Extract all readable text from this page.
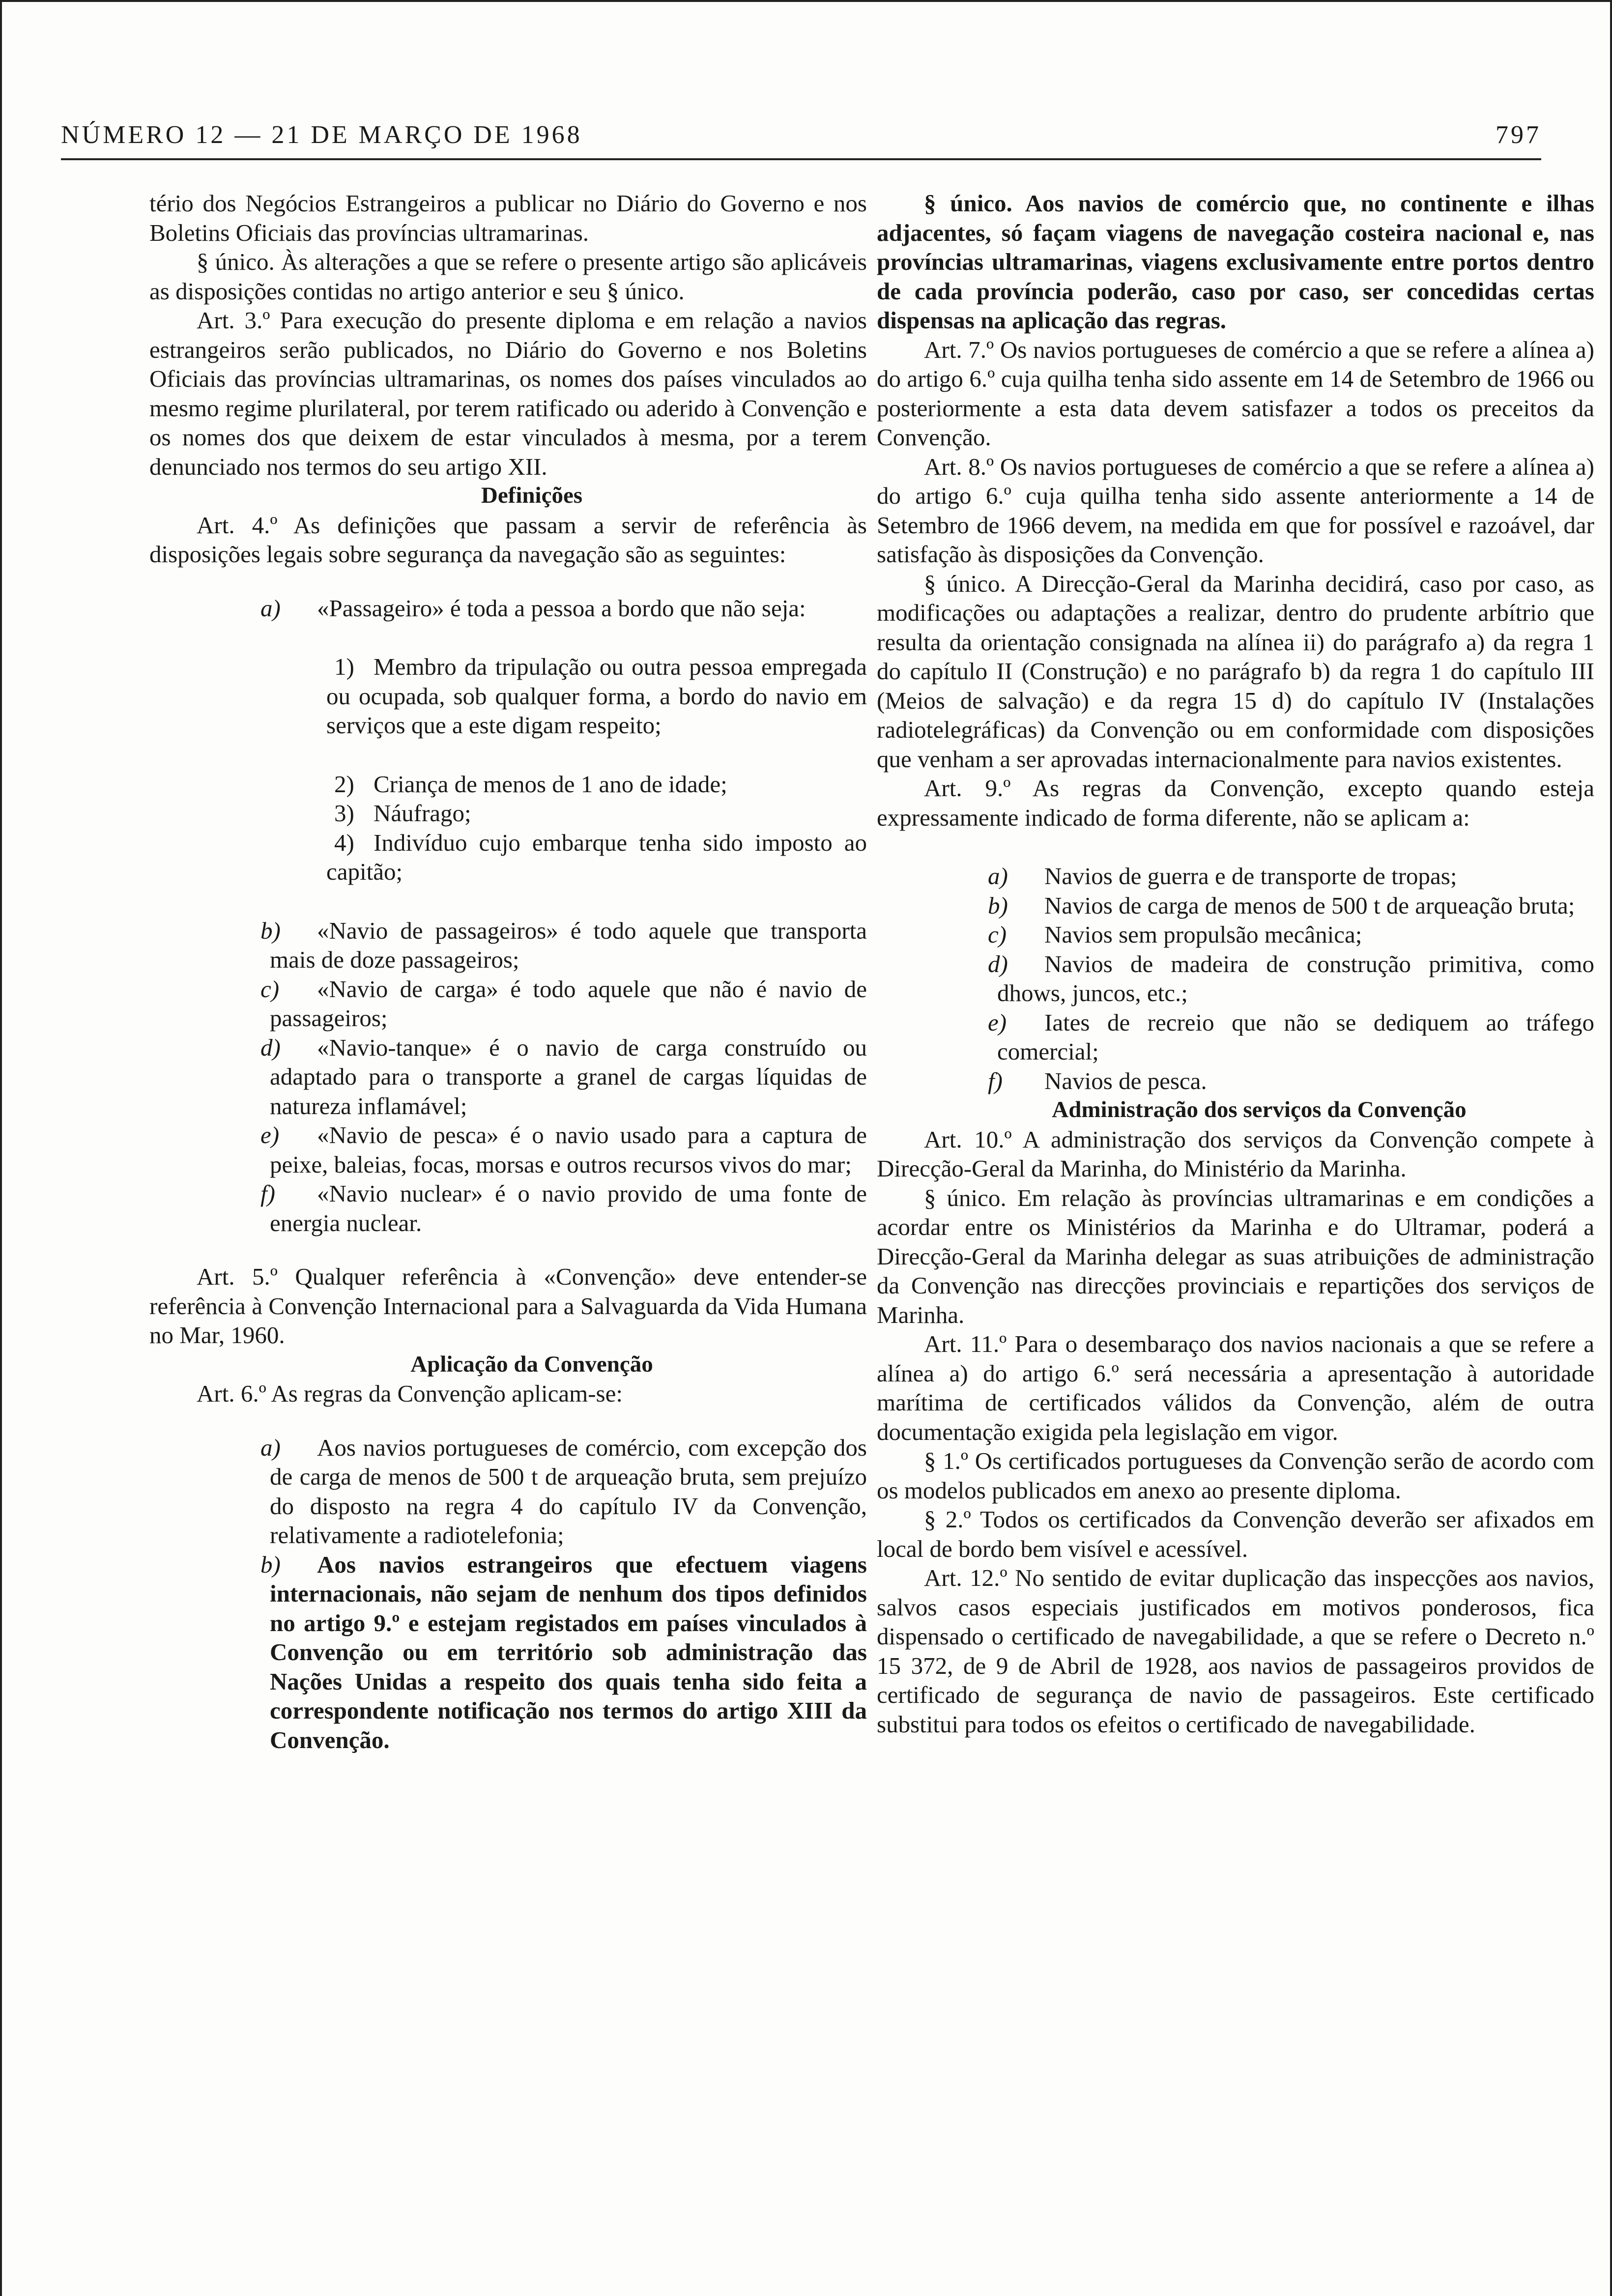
NÚMERO 12 — 21 DE MARÇO DE 1968	797

tério dos Negócios Estrangeiros a publicar no Diário do Governo e nos Boletins Oficiais das províncias ultramarinas.

§ único. Às alterações a que se refere o presente artigo são aplicáveis as disposições contidas no artigo anterior e seu § único.

Art. 3.º Para execução do presente diploma e em relação a navios estrangeiros serão publicados, no Diário do Governo e nos Boletins Oficiais das províncias ultramarinas, os nomes dos países vinculados ao mesmo regime plurilateral, por terem ratificado ou aderido à Convenção e os nomes dos que deixem de estar vinculados à mesma, por a terem denunciado nos termos do seu artigo XII.

Definições

Art. 4.º As definições que passam a servir de referência às disposições legais sobre segurança da navegação são as seguintes:

a) «Passageiro» é toda a pessoa a bordo que não seja:

1) Membro da tripulação ou outra pessoa empregada ou ocupada, sob qualquer forma, a bordo do navio em serviços que a este digam respeito;

2) Criança de menos de 1 ano de idade;

3) Náufrago;

4) Indivíduo cujo embarque tenha sido imposto ao capitão;

b) «Navio de passageiros» é todo aquele que transporta mais de doze passageiros;

c) «Navio de carga» é todo aquele que não é navio de passageiros;

d) «Navio-tanque» é o navio de carga construído ou adaptado para o transporte a granel de cargas líquidas de natureza inflamável;

e) «Navio de pesca» é o navio usado para a captura de peixe, baleias, focas, morsas e outros recursos vivos do mar;

f) «Navio nuclear» é o navio provido de uma fonte de energia nuclear.

Art. 5.º Qualquer referência à «Convenção» deve entender-se referência à Convenção Internacional para a Salvaguarda da Vida Humana no Mar, 1960.

Aplicação da Convenção

Art. 6.º As regras da Convenção aplicam-se:

a) Aos navios portugueses de comércio, com excepção dos de carga de menos de 500 t de arqueação bruta, sem prejuízo do disposto na regra 4 do capítulo IV da Convenção, relativamente a radiotelefonia;

b) Aos navios estrangeiros que efectuem viagens internacionais, não sejam de nenhum dos tipos definidos no artigo 9.º e estejam registados em países vinculados à Convenção ou em território sob administração das Nações Unidas a respeito dos quais tenha sido feita a correspondente notificação nos termos do artigo XIII da Convenção.

§ único. Aos navios de comércio que, no continente e ilhas adjacentes, só façam viagens de navegação costeira nacional e, nas províncias ultramarinas, viagens exclusivamente entre portos dentro de cada província poderão, caso por caso, ser concedidas certas dispensas na aplicação das regras.

Art. 7.º Os navios portugueses de comércio a que se refere a alínea a) do artigo 6.º cuja quilha tenha sido assente em 14 de Setembro de 1966 ou posteriormente a esta data devem satisfazer a todos os preceitos da Convenção.

Art. 8.º Os navios portugueses de comércio a que se refere a alínea a) do artigo 6.º cuja quilha tenha sido assente anteriormente a 14 de Setembro de 1966 devem, na medida em que for possível e razoável, dar satisfação às disposições da Convenção.

§ único. A Direcção-Geral da Marinha decidirá, caso por caso, as modificações ou adaptações a realizar, dentro do prudente arbítrio que resulta da orientação consignada na alínea ii) do parágrafo a) da regra 1 do capítulo II (Construção) e no parágrafo b) da regra 1 do capítulo III (Meios de salvação) e da regra 15 d) do capítulo IV (Instalações radiotelegráficas) da Convenção ou em conformidade com disposições que venham a ser aprovadas internacionalmente para navios existentes.

Art. 9.º As regras da Convenção, excepto quando esteja expressamente indicado de forma diferente, não se aplicam a:

a) Navios de guerra e de transporte de tropas;

b) Navios de carga de menos de 500 t de arqueação bruta;

c) Navios sem propulsão mecânica;

d) Navios de madeira de construção primitiva, como dhows, juncos, etc.;

e) Iates de recreio que não se dediquem ao tráfego comercial;

f) Navios de pesca.

Administração dos serviços da Convenção

Art. 10.º A administração dos serviços da Convenção compete à Direcção-Geral da Marinha, do Ministério da Marinha.

§ único. Em relação às províncias ultramarinas e em condições a acordar entre os Ministérios da Marinha e do Ultramar, poderá a Direcção-Geral da Marinha delegar as suas atribuições de administração da Convenção nas direcções provinciais e repartições dos serviços de Marinha.

Art. 11.º Para o desembaraço dos navios nacionais a que se refere a alínea a) do artigo 6.º será necessária a apresentação à autoridade marítima de certificados válidos da Convenção, além de outra documentação exigida pela legislação em vigor.

§ 1.º Os certificados portugueses da Convenção serão de acordo com os modelos publicados em anexo ao presente diploma.

§ 2.º Todos os certificados da Convenção deverão ser afixados em local de bordo bem visível e acessível.

Art. 12.º No sentido de evitar duplicação das inspecções aos navios, salvos casos especiais justificados em motivos ponderosos, fica dispensado o certificado de navegabilidade, a que se refere o Decreto n.º 15 372, de 9 de Abril de 1928, aos navios de passageiros providos de certificado de segurança de navio de passageiros. Este certificado substitui para todos os efeitos o certificado de navegabilidade.
